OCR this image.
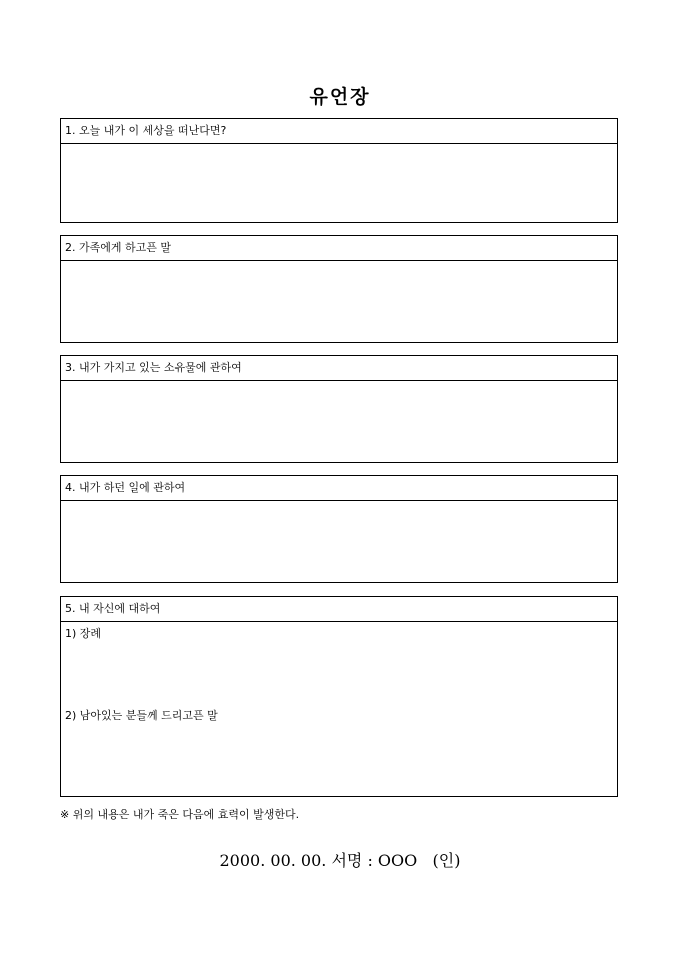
유언장
1. 오늘 내가 이 세상을 떠난다면?
2. 가족에게 하고픈 말
3. 내가 가지고 있는 소유물에 관하여
4. 내가 하던 일에 관하여
5. 내 자신에 대하여
1) 장례
2) 남아있는 분들께 드리고픈 말
※ 위의 내용은 내가 죽은 다음에 효력이 발생한다.
2000. 00. 00. 서명 : OOO   (인)
